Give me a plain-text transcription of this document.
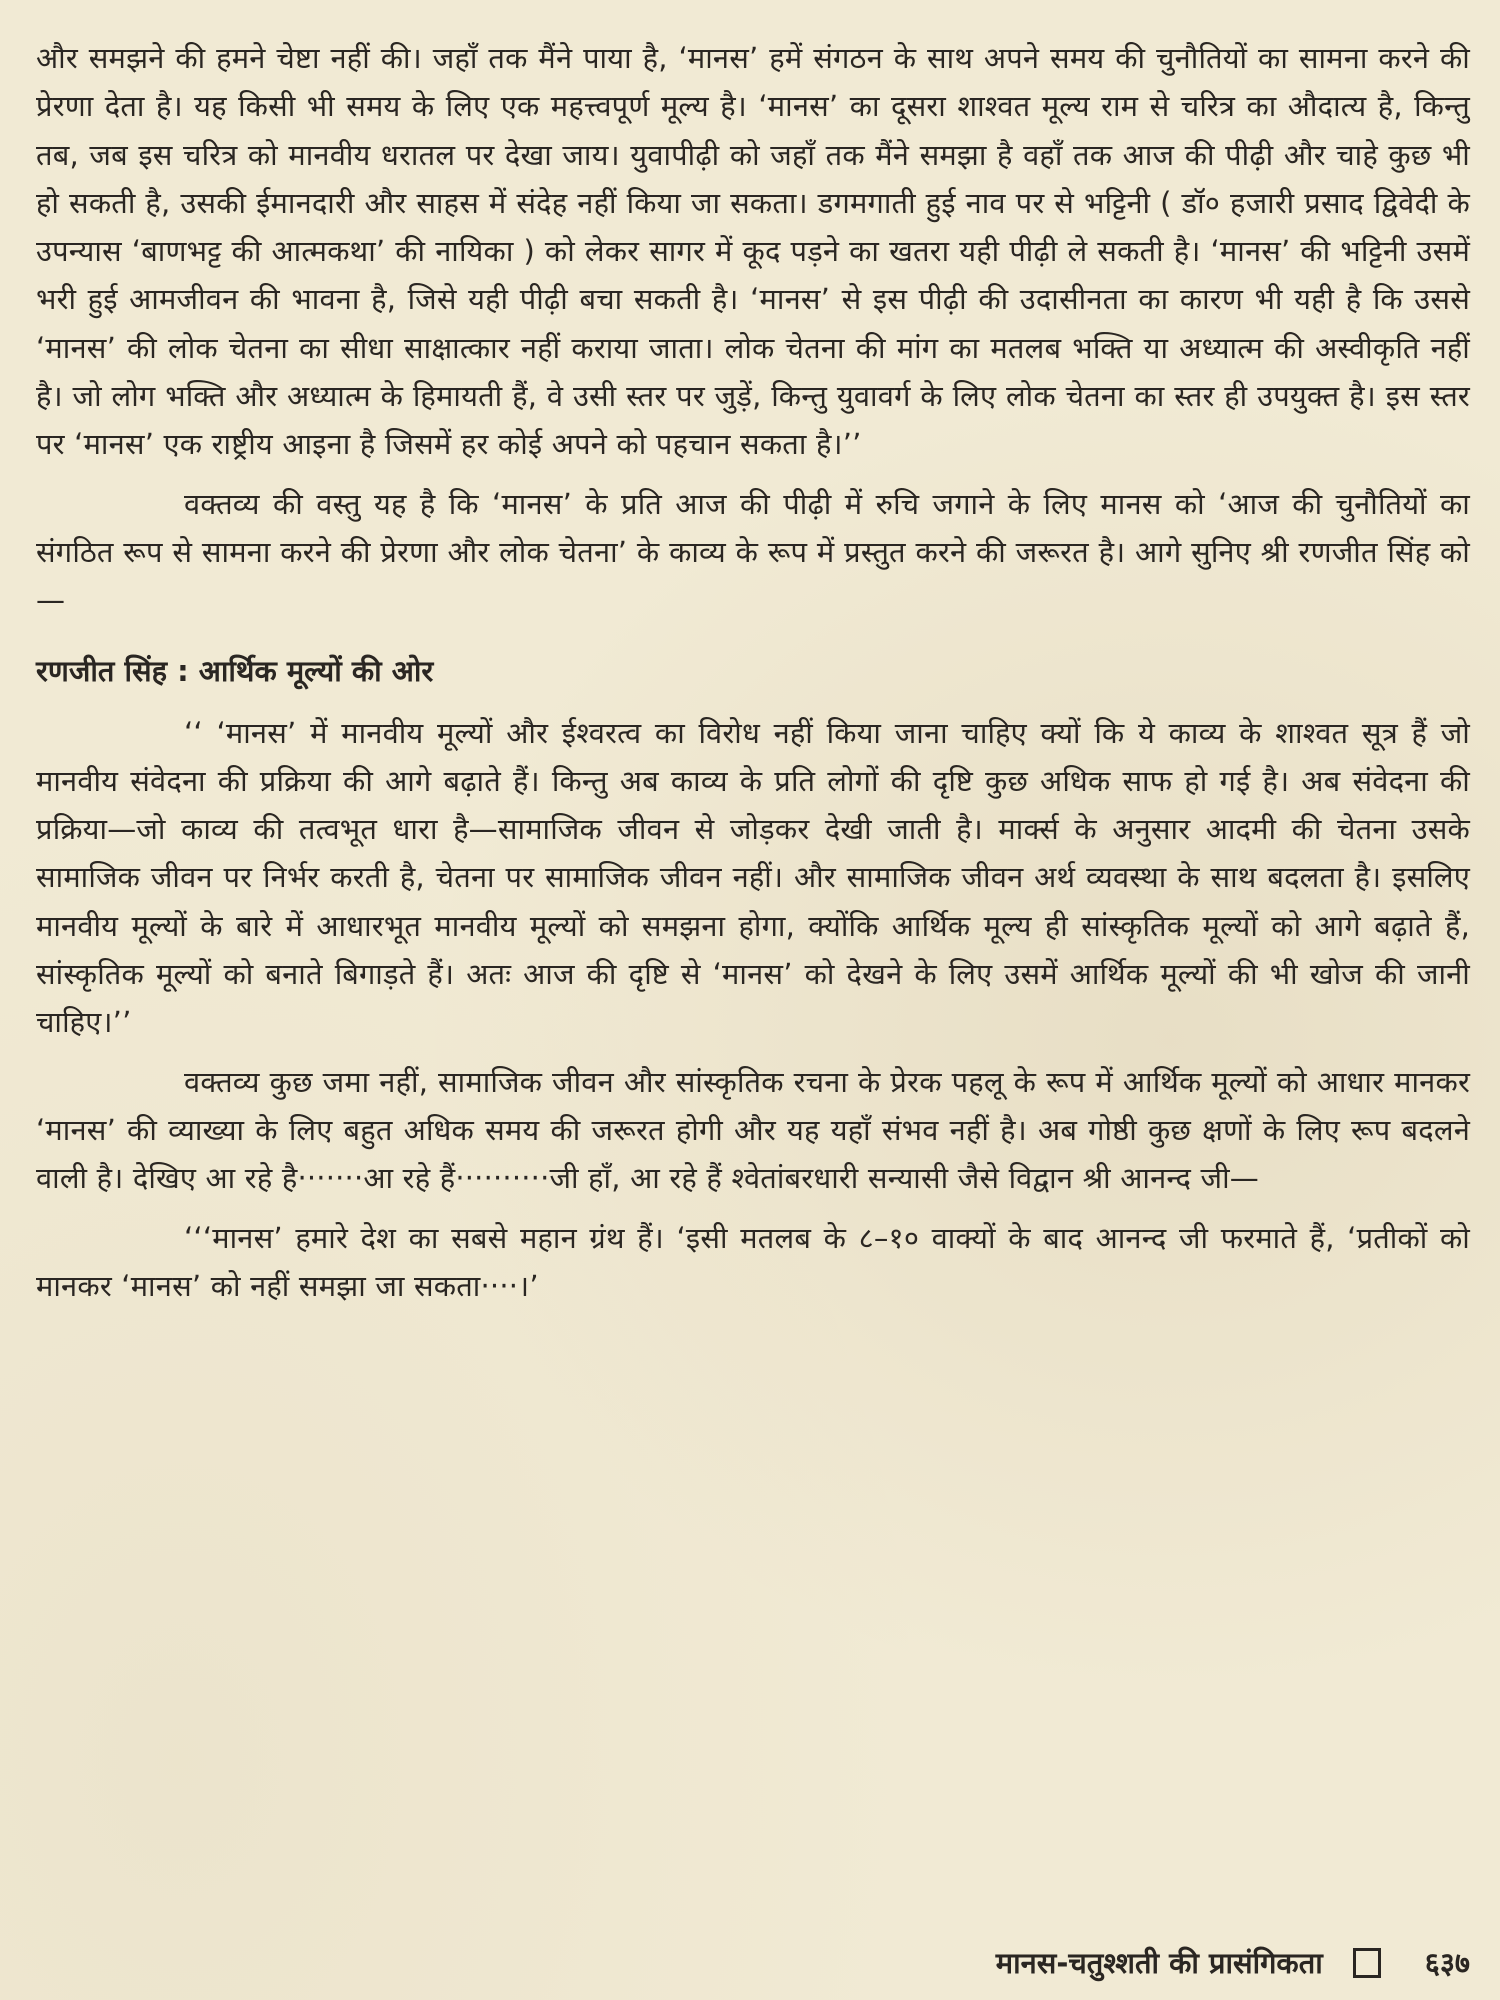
और समझने की हमने चेष्टा नहीं की। जहाँ तक मैंने पाया है, ‘मानस’ हमें संगठन के साथ अपने समय की चुनौतियों का सामना करने की प्रेरणा देता है। यह किसी भी समय के लिए एक महत्त्वपूर्ण मूल्य है। ‘मानस’ का दूसरा शाश्वत मूल्य राम से चरित्र का औदात्य है, किन्तु तब, जब इस चरित्र को मानवीय धरातल पर देखा जाय। युवापीढ़ी को जहाँ तक मैंने समझा है वहाँ तक आज की पीढ़ी और चाहे कुछ भी हो सकती है, उसकी ईमानदारी और साहस में संदेह नहीं किया जा सकता। डगमगाती हुई नाव पर से भट्टिनी ( डॉ० हजारी प्रसाद द्विवेदी के उपन्यास ‘बाणभट्ट की आत्मकथा’ की नायिका ) को लेकर सागर में कूद पड़ने का खतरा यही पीढ़ी ले सकती है। ‘मानस’ की भट्टिनी उसमें भरी हुई आमजीवन की भावना है, जिसे यही पीढ़ी बचा सकती है। ‘मानस’ से इस पीढ़ी की उदासीनता का कारण भी यही है कि उससे ‘मानस’ की लोक चेतना का सीधा साक्षात्कार नहीं कराया जाता। लोक चेतना की मांग का मतलब भक्ति या अध्यात्म की अस्वीकृति नहीं है। जो लोग भक्ति और अध्यात्म के हिमायती हैं, वे उसी स्तर पर जुड़ें, किन्तु युवावर्ग के लिए लोक चेतना का स्तर ही उपयुक्त है। इस स्तर पर ‘मानस’ एक राष्ट्रीय आइना है जिसमें हर कोई अपने को पहचान सकता है।’’

वक्तव्य की वस्तु यह है कि ‘मानस’ के प्रति आज की पीढ़ी में रुचि जगाने के लिए मानस को ‘आज की चुनौतियों का संगठित रूप से सामना करने की प्रेरणा और लोक चेतना’ के काव्य के रूप में प्रस्तुत करने की जरूरत है। आगे सुनिए श्री रणजीत सिंह को—

रणजीत सिंह : आर्थिक मूल्यों की ओर

‘‘ ‘मानस’ में मानवीय मूल्यों और ईश्वरत्व का विरोध नहीं किया जाना चाहिए क्यों कि ये काव्य के शाश्वत सूत्र हैं जो मानवीय संवेदना की प्रक्रिया की आगे बढ़ाते हैं। किन्तु अब काव्य के प्रति लोगों की दृष्टि कुछ अधिक साफ हो गई है। अब संवेदना की प्रक्रिया—जो काव्य की तत्वभूत धारा है—सामाजिक जीवन से जोड़कर देखी जाती है। मार्क्स के अनुसार आदमी की चेतना उसके सामाजिक जीवन पर निर्भर करती है, चेतना पर सामाजिक जीवन नहीं। और सामाजिक जीवन अर्थ व्यवस्था के साथ बदलता है। इसलिए मानवीय मूल्यों के बारे में आधारभूत मानवीय मूल्यों को समझना होगा, क्योंकि आर्थिक मूल्य ही सांस्कृतिक मूल्यों को आगे बढ़ाते हैं, सांस्कृतिक मूल्यों को बनाते बिगाड़ते हैं। अतः आज की दृष्टि से ‘मानस’ को देखने के लिए उसमें आर्थिक मूल्यों की भी खोज की जानी चाहिए।’’

वक्तव्य कुछ जमा नहीं, सामाजिक जीवन और सांस्कृतिक रचना के प्रेरक पहलू के रूप में आर्थिक मूल्यों को आधार मानकर ‘मानस’ की व्याख्या के लिए बहुत अधिक समय की जरूरत होगी और यह यहाँ संभव नहीं है। अब गोष्ठी कुछ क्षणों के लिए रूप बदलने वाली है। देखिए आ रहे है·······आ रहे हैं··········जी हाँ, आ रहे हैं श्वेतांबरधारी सन्यासी जैसे विद्वान श्री आनन्द जी—

‘‘‘मानस’ हमारे देश का सबसे महान ग्रंथ हैं। ‘इसी मतलब के ८–१० वाक्यों के बाद आनन्द जी फरमाते हैं, ‘प्रतीकों को मानकर ‘मानस’ को नहीं समझा जा सकता····।’

मानस-चतुश्शती की प्रासंगिकता	६३७
